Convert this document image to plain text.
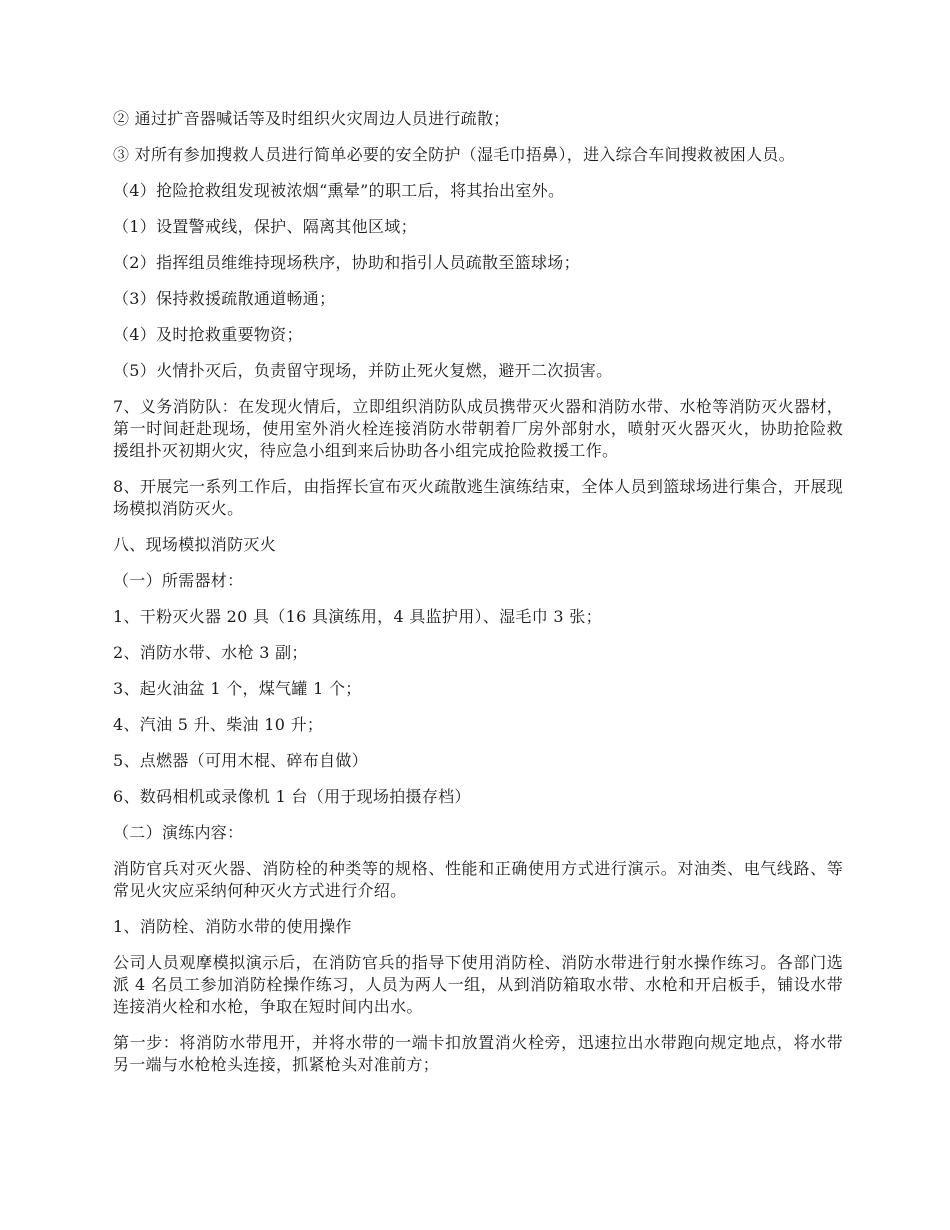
② 通过扩音器喊话等及时组织火灾周边人员进行疏散；

③ 对所有参加搜救人员进行简单必要的安全防护（湿毛巾捂鼻），进入综合车间搜救被困人员。

（4）抢险抢救组发现被浓烟“熏晕”的职工后，将其抬出室外。

（1）设置警戒线，保护、隔离其他区域；

（2）指挥组员维维持现场秩序，协助和指引人员疏散至篮球场；

（3）保持救援疏散通道畅通；

（4）及时抢救重要物资；

（5）火情扑灭后，负责留守现场，并防止死火复燃，避开二次损害。

7、义务消防队：在发现火情后，立即组织消防队成员携带灭火器和消防水带、水枪等消防灭火器材，第一时间赶赴现场，使用室外消火栓连接消防水带朝着厂房外部射水，喷射灭火器灭火，协助抢险救援组扑灭初期火灾，待应急小组到来后协助各小组完成抢险救援工作。

8、开展完一系列工作后，由指挥长宣布灭火疏散逃生演练结束，全体人员到篮球场进行集合，开展现场模拟消防灭火。

八、现场模拟消防灭火

（一）所需器材：

1、干粉灭火器 20 具（16 具演练用，4 具监护用）、湿毛巾 3 张；

2、消防水带、水枪 3 副；

3、起火油盆 1 个，煤气罐 1 个；

4、汽油 5 升、柴油 10 升；

5、点燃器（可用木棍、碎布自做）

6、数码相机或录像机 1 台（用于现场拍摄存档）

（二）演练内容：

消防官兵对灭火器、消防栓的种类等的规格、性能和正确使用方式进行演示。对油类、电气线路、等常见火灾应采纳何种灭火方式进行介绍。

1、消防栓、消防水带的使用操作

公司人员观摩模拟演示后，在消防官兵的指导下使用消防栓、消防水带进行射水操作练习。各部门选派 4 名员工参加消防栓操作练习，人员为两人一组，从到消防箱取水带、水枪和开启板手，铺设水带连接消火栓和水枪，争取在短时间内出水。

第一步：将消防水带甩开，并将水带的一端卡扣放置消火栓旁，迅速拉出水带跑向规定地点，将水带另一端与水枪枪头连接，抓紧枪头对准前方；
